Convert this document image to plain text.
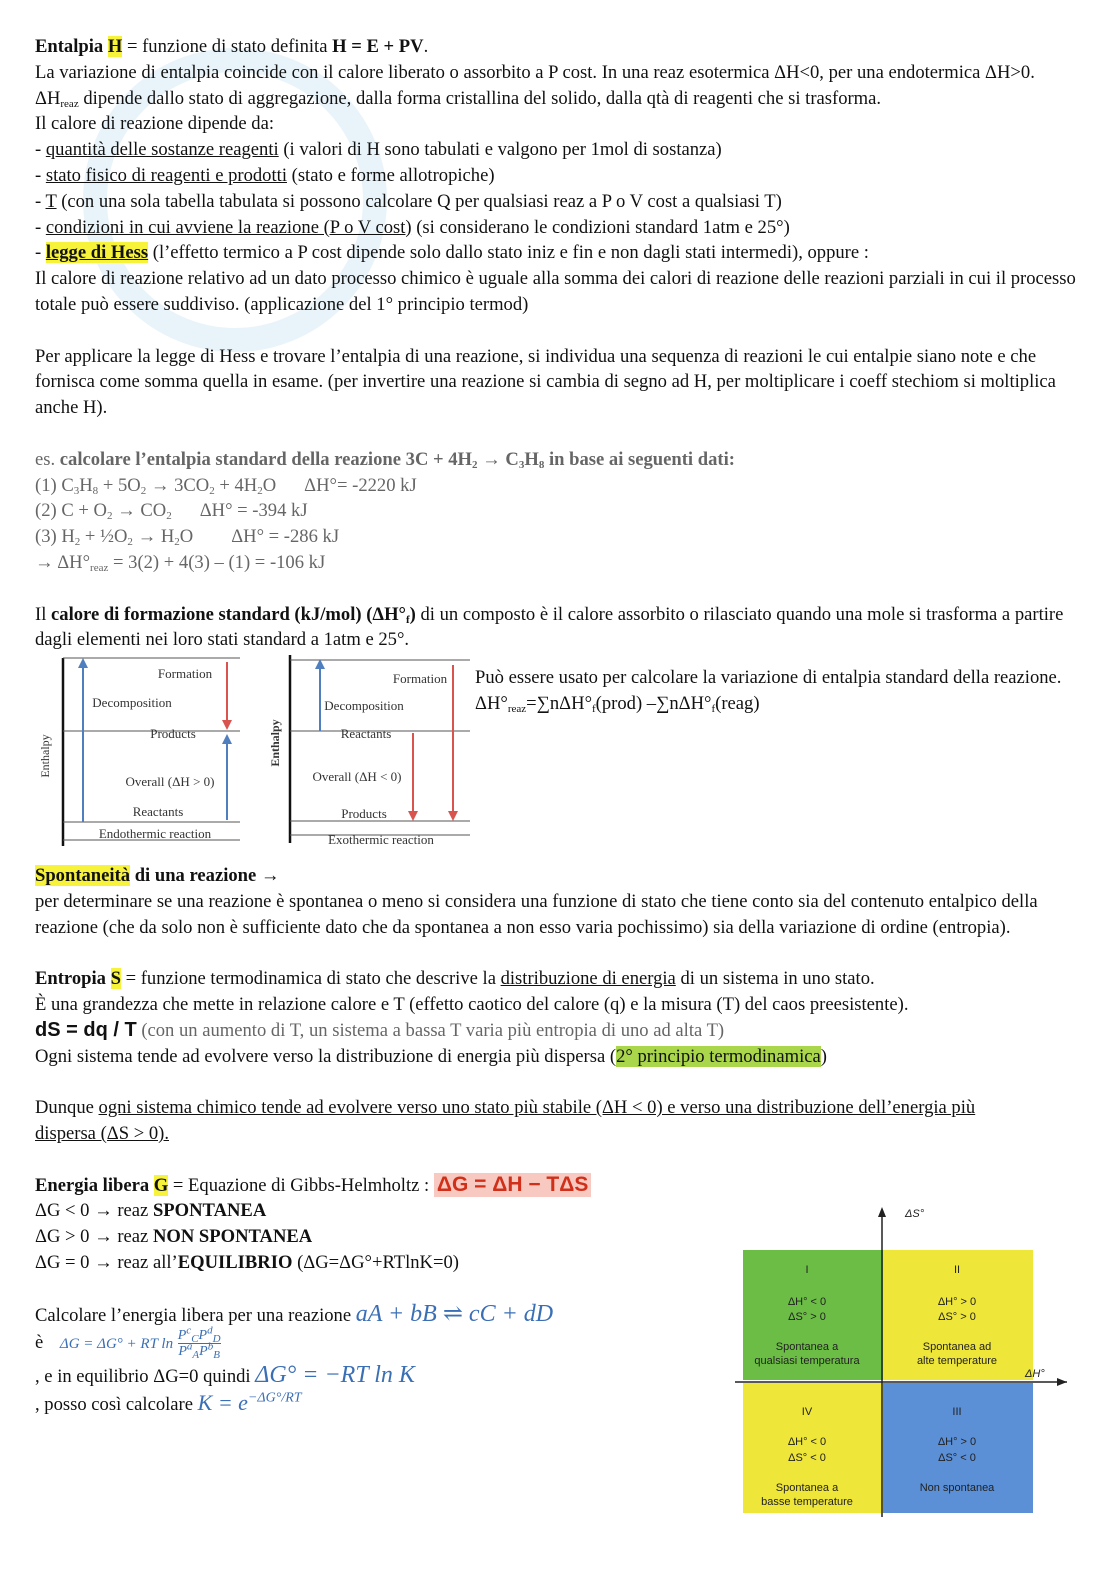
Entalpia H = funzione di stato definita H = E + PV.

La variazione di entalpia coincide con il calore liberato o assorbito a P cost. In una reaz esotermica ΔH<0, per una endotermica ΔH>0.

$\Delta H_{reaz}$ dipende dallo stato di aggregazione, dalla forma cristallina del solido, dalla qtà di reagenti che si trasforma.

Il calore di reazione dipende da:

- quantità delle sostanze reagenti (i valori di H sono tabulati e valgono per 1mol di sostanza)

- stato fisico di reagenti e prodotti (stato e forme allotropiche)

- T (con una sola tabella tabulata si possono calcolare Q per qualsiasi reaz a P o V cost a qualsiasi T)

- condizioni in cui avviene la reazione (P o V cost) (si considerano le condizioni standard 1atm e 25°)

- legge di Hess (l’effetto termico a P cost dipende solo dallo stato iniz e fin e non dagli stati intermedi), oppure :

Il calore di reazione relativo ad un dato processo chimico è uguale alla somma dei calori di reazione delle reazioni parziali in cui il processo totale può essere suddiviso. (applicazione del 1° principio termod)

Per applicare la legge di Hess e trovare l’entalpia di una reazione, si individua una sequenza di reazioni le cui entalpie siano note e che fornisca come somma quella in esame. (per invertire una reazione si cambia di segno ad H, per moltiplicare i coeff stechiom si moltiplica anche H).

es. calcolare l’entalpia standard della reazione $3C + 4H_2 \to C_3H_8$ in base ai seguenti dati:

(1) $C_3H_8 + 5O_2 \to 3CO_2 + 4H_2O$ ΔH°= -2220 kJ

(2) $C + O_2 \to CO_2$ ΔH° = -394 kJ

(3) $H_2$ + $\frac{1}{2}O_2 \to H_2O$ ΔH° = -286 kJ

→ $\Delta H^\circ_{reaz} = 3(2) + 4(3) - (1) = -106$ kJ

Il calore di formazione standard (kJ/mol) $(\Delta H^\circ_f)$ di un composto è il calore assorbito o rilasciato quando una mole si trasforma a partire dagli elementi nei loro stati standard a 1atm e 25°.

Enthalpy
Formation
Decomposition
Products
Overall (ΔH > 0)
Reactants
Endothermic reaction
Enthalpy
Formation
Decomposition
Reactants
Overall (ΔH < 0)
Products
Exothermic reaction

Può essere usato per calcolare la variazione di entalpia standard della reazione. $\Delta H^\circ_{reaz}=\sum n\Delta H^\circ_f(prod)$ $-\sum n\Delta H^\circ_f(reag)$

Spontaneità di una reazione →

per determinare se una reazione è spontanea o meno si considera una funzione di stato che tiene conto sia del contenuto entalpico della reazione (che da solo non è sufficiente dato che da spontanea a non esso varia pochissimo) sia della variazione di ordine (entropia).

Entropia S = funzione termodinamica di stato che descrive la distribuzione di energia di un sistema in uno stato.

È una grandezza che mette in relazione calore e T (effetto caotico del calore (q) e la misura (T) del caos preesistente).

dS = dq / T (con un aumento di T, un sistema a bassa T varia più entropia di uno ad alta T)

Ogni sistema tende ad evolvere verso la distribuzione di energia più dispersa (2° principio termodinamica)

Dunque ogni sistema chimico tende ad evolvere verso uno stato più stabile (ΔH < 0) e verso una distribuzione dell’energia più dispersa (ΔS > 0).

Energia libera G = Equazione di Gibbs-Helmholtz : ΔG = ΔH − TΔS

ΔG < 0 → reaz SPONTANEA

ΔG > 0 → reaz NON SPONTANEA

ΔG = 0 → reaz all’EQUILIBRIO (ΔG=ΔG°+RTlnK=0)

Calcolare l’energia libera per una reazione aA + bB ⇌ cC + dD

è ΔG = ΔG° + RT ln
$P^c_CP^d_D$
$P^a_AP^b_B$

, e in equilibrio ΔG=0 quindi ΔG° = −RT ln K

, posso così calcolare $K = e^{-\Delta G^\circ/RT}$

ΔS°
ΔH°
I
ΔH° < 0
ΔS° > 0
Spontanea a
qualsiasi temperatura
II
ΔH° > 0
ΔS° > 0
Spontanea ad
alte temperature
IV
ΔH° < 0
ΔS° < 0
Spontanea a
basse temperature
III
ΔH° > 0
ΔS° < 0
Non spontanea
